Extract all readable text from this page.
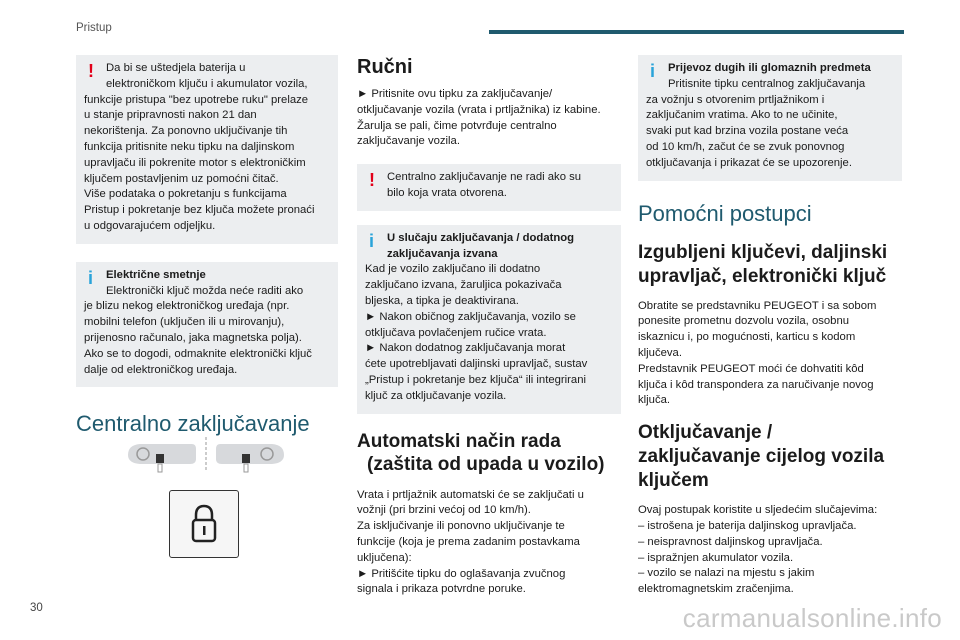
Pristup
!	Da bi se uštedjela baterija u
elektroničkom ključu i akumulator vozila,
funkcije pristupa "bez upotrebe ruku" prelaze
u stanje pripravnosti nakon 21 dan
nekorištenja. Za ponovno uključivanje tih
funkcija pritisnite neku tipku na daljinskom
upravljaču ili pokrenite motor s elektroničkim
ključem postavljenim uz pomoćni čitač.
Više podataka o pokretanju s funkcijama
Pristup i pokretanje bez ključa možete pronaći
u odgovarajućem odjeljku.
i	Električne smetnje
Elektronički ključ možda neće raditi ako
je blizu nekog elektroničkog uređaja (npr.
mobilni telefon (uključen ili u mirovanju),
prijenosno računalo, jaka magnetska polja).
Ako se to dogodi, odmaknite elektronički ključ
dalje od elektroničkog uređaja.
Centralno zaključavanje
Ručni
► Pritisnite ovu tipku za zaključavanje/
otključavanje vozila (vrata i prtljažnika) iz kabine.
Žarulja se pali, čime potvrđuje centralno
zaključavanje vozila.
!	Centralno zaključavanje ne radi ako su
bilo koja vrata otvorena.
i	U slučaju zaključavanja / dodatnog
zaključavanja izvana
Kad je vozilo zaključano ili dodatno
zaključano izvana, žaruljica pokazivača
bljeska, a tipka je deaktivirana.
► Nakon običnog zaključavanja, vozilo se
otključava povlačenjem ručice vrata.
► Nakon dodatnog zaključavanja morat
ćete upotrebljavati daljinski upravljač, sustav
„Pristup i pokretanje bez ključa“ ili integrirani
ključ za otključavanje vozila.
Automatski način rada
(zaštita od upada u vozilo)
Vrata i prtljažnik automatski će se zaključati u
vožnji (pri brzini većoj od 10 km/h).
Za isključivanje ili ponovno uključivanje te
funkcije (koja je prema zadanim postavkama
uključena):
► Pritišćite tipku do oglašavanja zvučnog
signala i prikaza potvrdne poruke.
i	Prijevoz dugih ili glomaznih predmeta
Pritisnite tipku centralnog zaključavanja
za vožnju s otvorenim prtljažnikom i
zaključanim vratima. Ako to ne učinite,
svaki put kad brzina vozila postane veća
od 10 km/h, začut će se zvuk ponovnog
otključavanja i prikazat će se upozorenje.
Pomoćni postupci
Izgubljeni ključevi, daljinski
upravljač, elektronički ključ
Obratite se predstavniku PEUGEOT i sa sobom
ponesite prometnu dozvolu vozila, osobnu
iskaznicu i, po mogućnosti, karticu s kodom
ključeva.
Predstavnik PEUGEOT moći će dohvatiti kôd
ključa i kôd transpondera za naručivanje novog
ključa.
Otključavanje /
zaključavanje cijelog vozila
ključem
Ovaj postupak koristite u sljedećim slučajevima:
– istrošena je baterija daljinskog upravljača.
– neispravnost daljinskog upravljača.
– ispražnjen akumulator vozila.
– vozilo se nalazi na mjestu s jakim
elektromagnetskim zračenjima.
30	carmanualsonline.info
